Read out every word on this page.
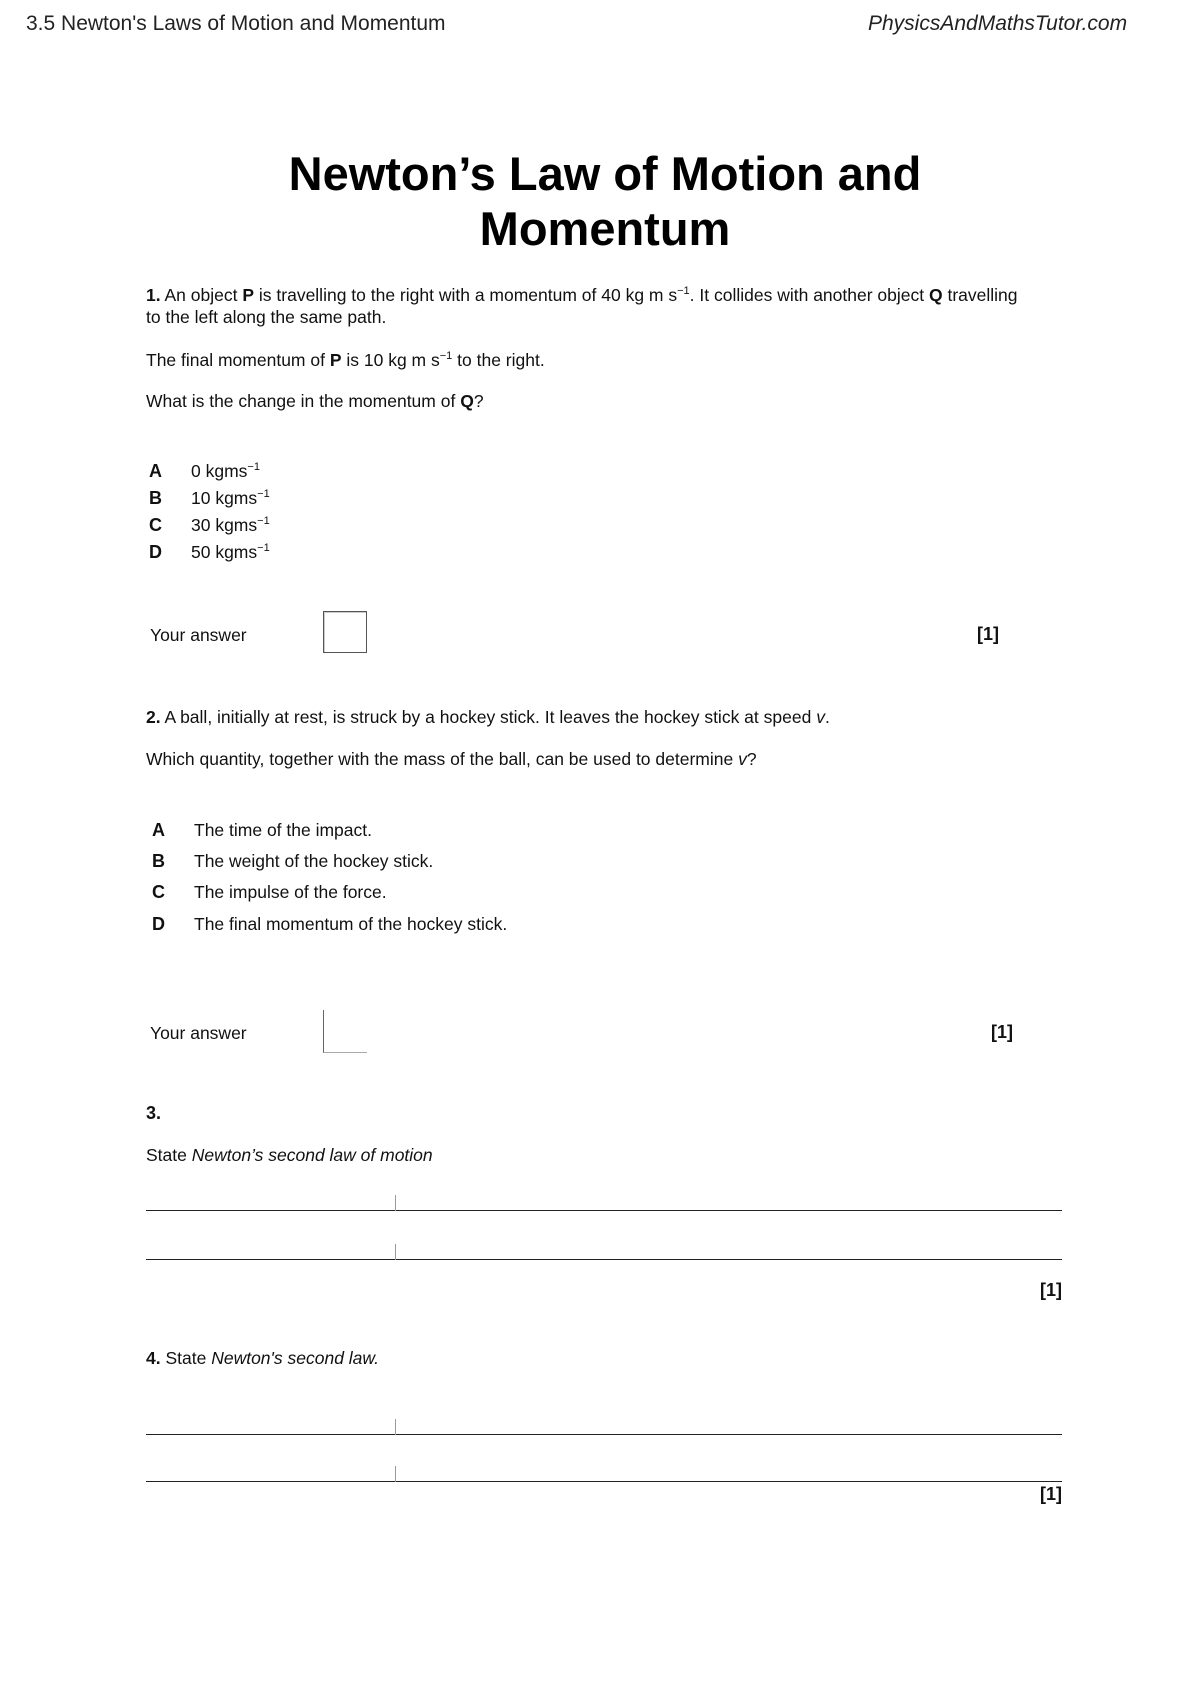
3.5 Newton's Laws of Motion and Momentum	PhysicsAndMathsTutor.com
Newton’s Law of Motion and
Momentum
1. An object P is travelling to the right with a momentum of 40 kg m $s^{-1}$. It collides with another object Q travelling
to the left along the same path.
The final momentum of P is 10 kg m $s^{-1}$ to the right.
What is the change in the momentum of Q?
A 0 kgms$^{-1}$
B 10 kgms$^{-1}$
C 30 kgms$^{-1}$
D 50 kgms$^{-1}$
Your answer	[1]
2. A ball, initially at rest, is struck by a hockey stick. It leaves the hockey stick at speed v.
Which quantity, together with the mass of the ball, can be used to determine v?
A The time of the impact.
B The weight of the hockey stick.
C The impulse of the force.
D The final momentum of the hockey stick.
Your answer	[1]
3.
State Newton’s second law of motion
[1]
4. State Newton's second law.
[1]
